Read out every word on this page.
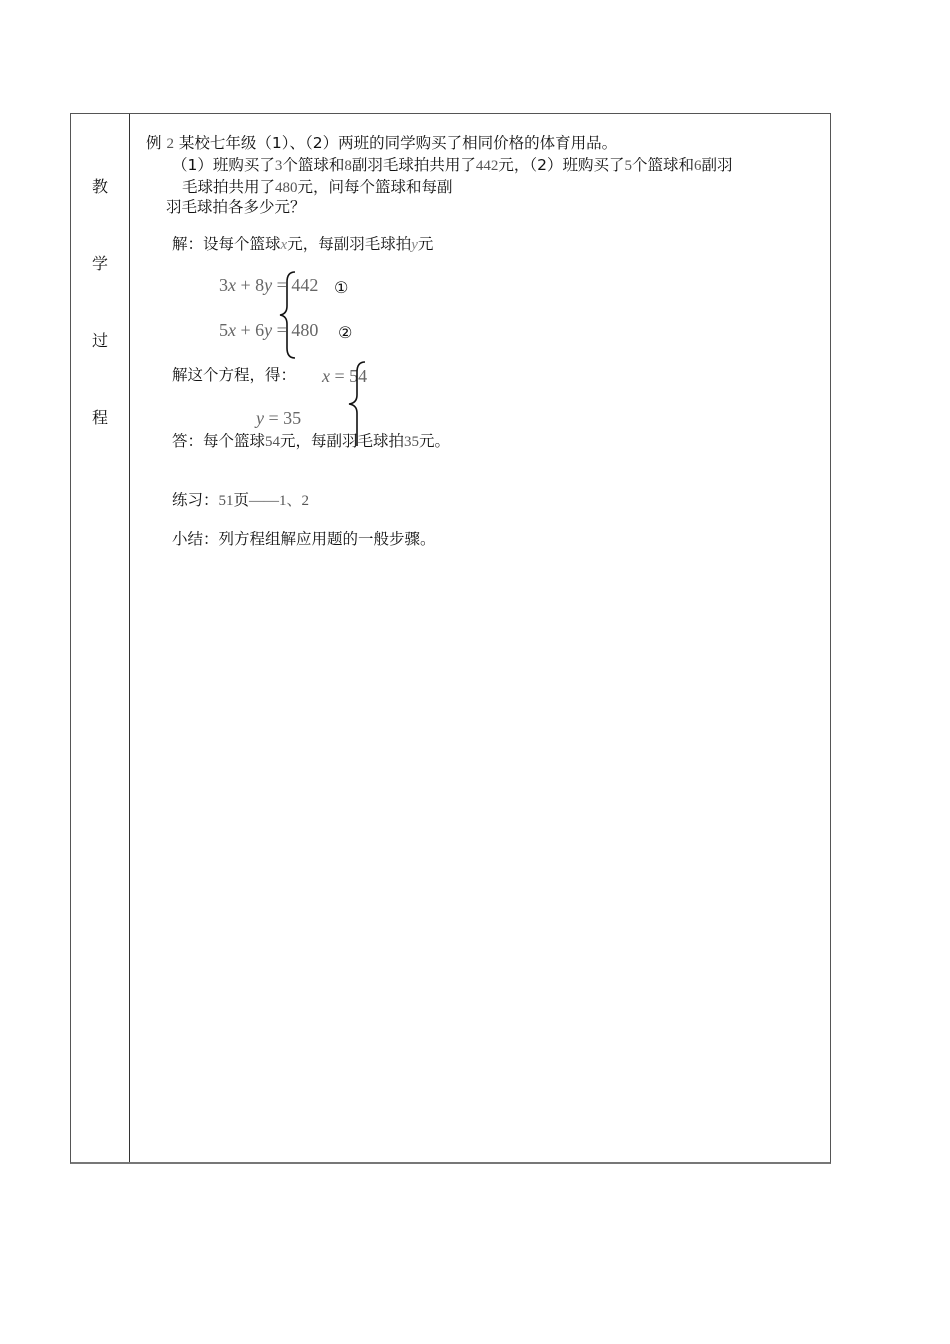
教
学
过
程
例 2 某校七年级（1）、（2）两班的同学购买了相同价格的体育用品。
（1）班购买了3个篮球和8副羽毛球拍共用了442元，（2）班购买了5个篮球和6副羽
毛球拍共用了480元，问每个篮球和每副
羽毛球拍各多少元？
解：设每个篮球x元，每副羽毛球拍y元
3x + 8y = 442 ①
5x + 6y = 480 ②
解这个方程，得： x = 54
y = 35
答：每个篮球54元，每副羽毛球拍35元。
练习：51页——1、2
小结：列方程组解应用题的一般步骤。
